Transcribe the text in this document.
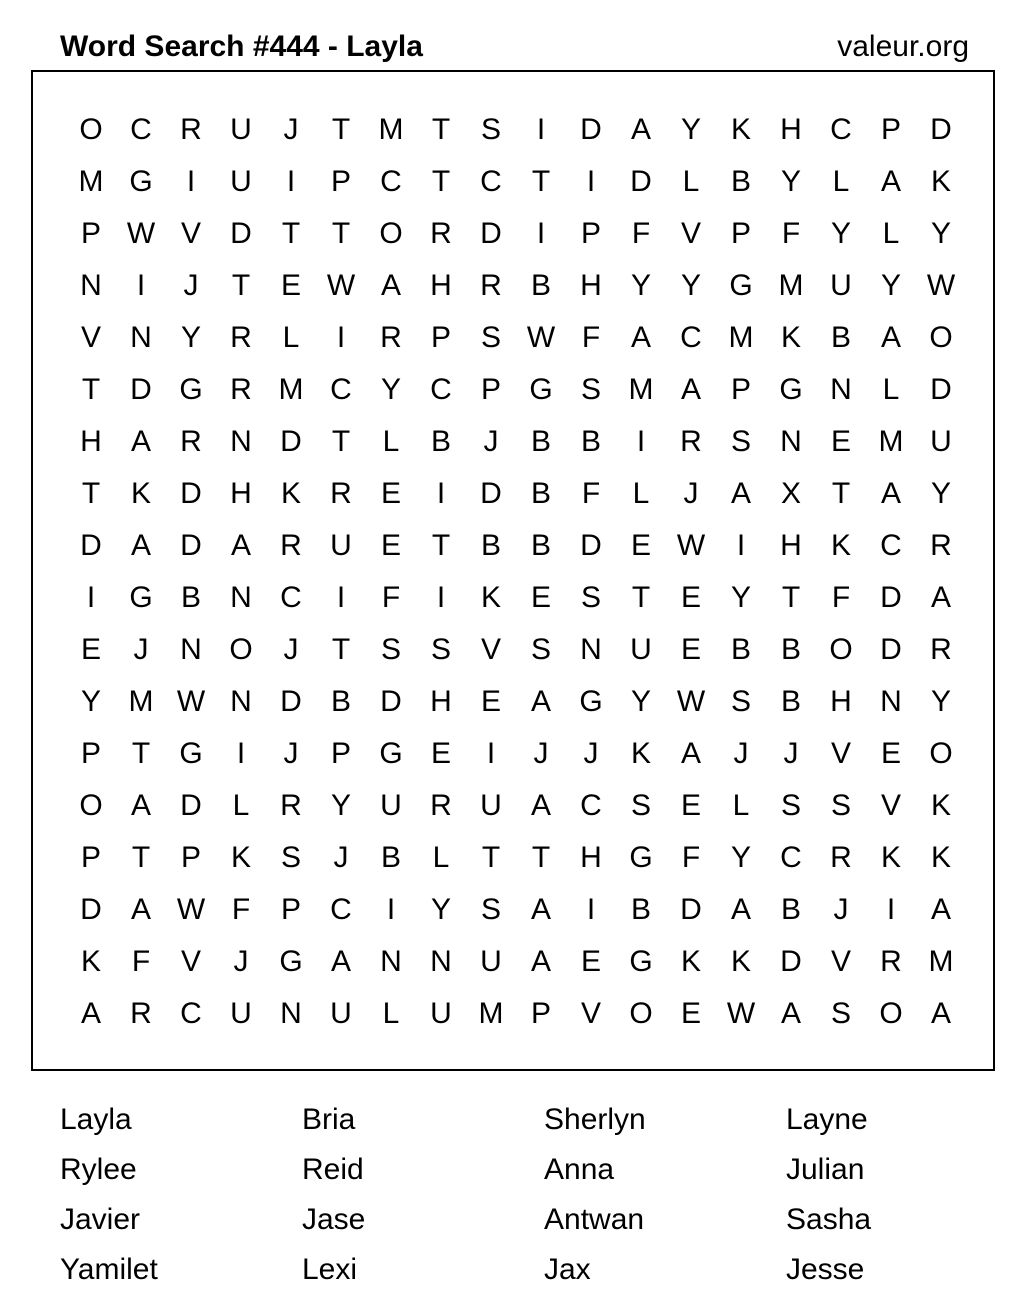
Word Search #444 - Layla	valeur.org
O C R U	J	T M T	S	I	D A Y K H C P D
M G	I	U	I	P C	T	C	T	I	D	L	B Y	L	A K
P W V D	T	T O R D	I	P	F	V P	F	Y	L	Y
N	I	J	T	E W A H R B H Y Y G M U Y W
V N Y R	L	I	R P S W F	A C M K B A O
T	D G R M C Y C P G S M A P G N	L	D
H A R N D	T	L	B	J	B B	I	R S N E M U
T	K D H K R E	I	D B	F	L	J	A X	T	A Y
D A D A R U E	T	B B D E W	I	H K C R
I	G B N C	I	F	I	K E S	T	E Y	T	F	D A
E	J	N O	J	T	S S V S N U E B B O D R
Y M W N D B D H E A G Y W S B H N Y
P	T G	I	J	P G E	I	J	J	K A	J	J	V E O
O A D	L	R Y U R U A C S E	L	S S V K
P	T	P K S	J	B	L	T	T	H G F	Y C R K K
D A W F	P C	I	Y S A	I	B D A B	J	I	A
K	F	V	J	G A N N U A E G K K D V R M
A R C U N U	L	U M P V O E W A S O A
Layla	Bria	Sherlyn	Layne
Rylee	Reid	Anna	Julian
Javier	Jase	Antwan	Sasha
Yamilet	Lexi	Jax	Jesse
